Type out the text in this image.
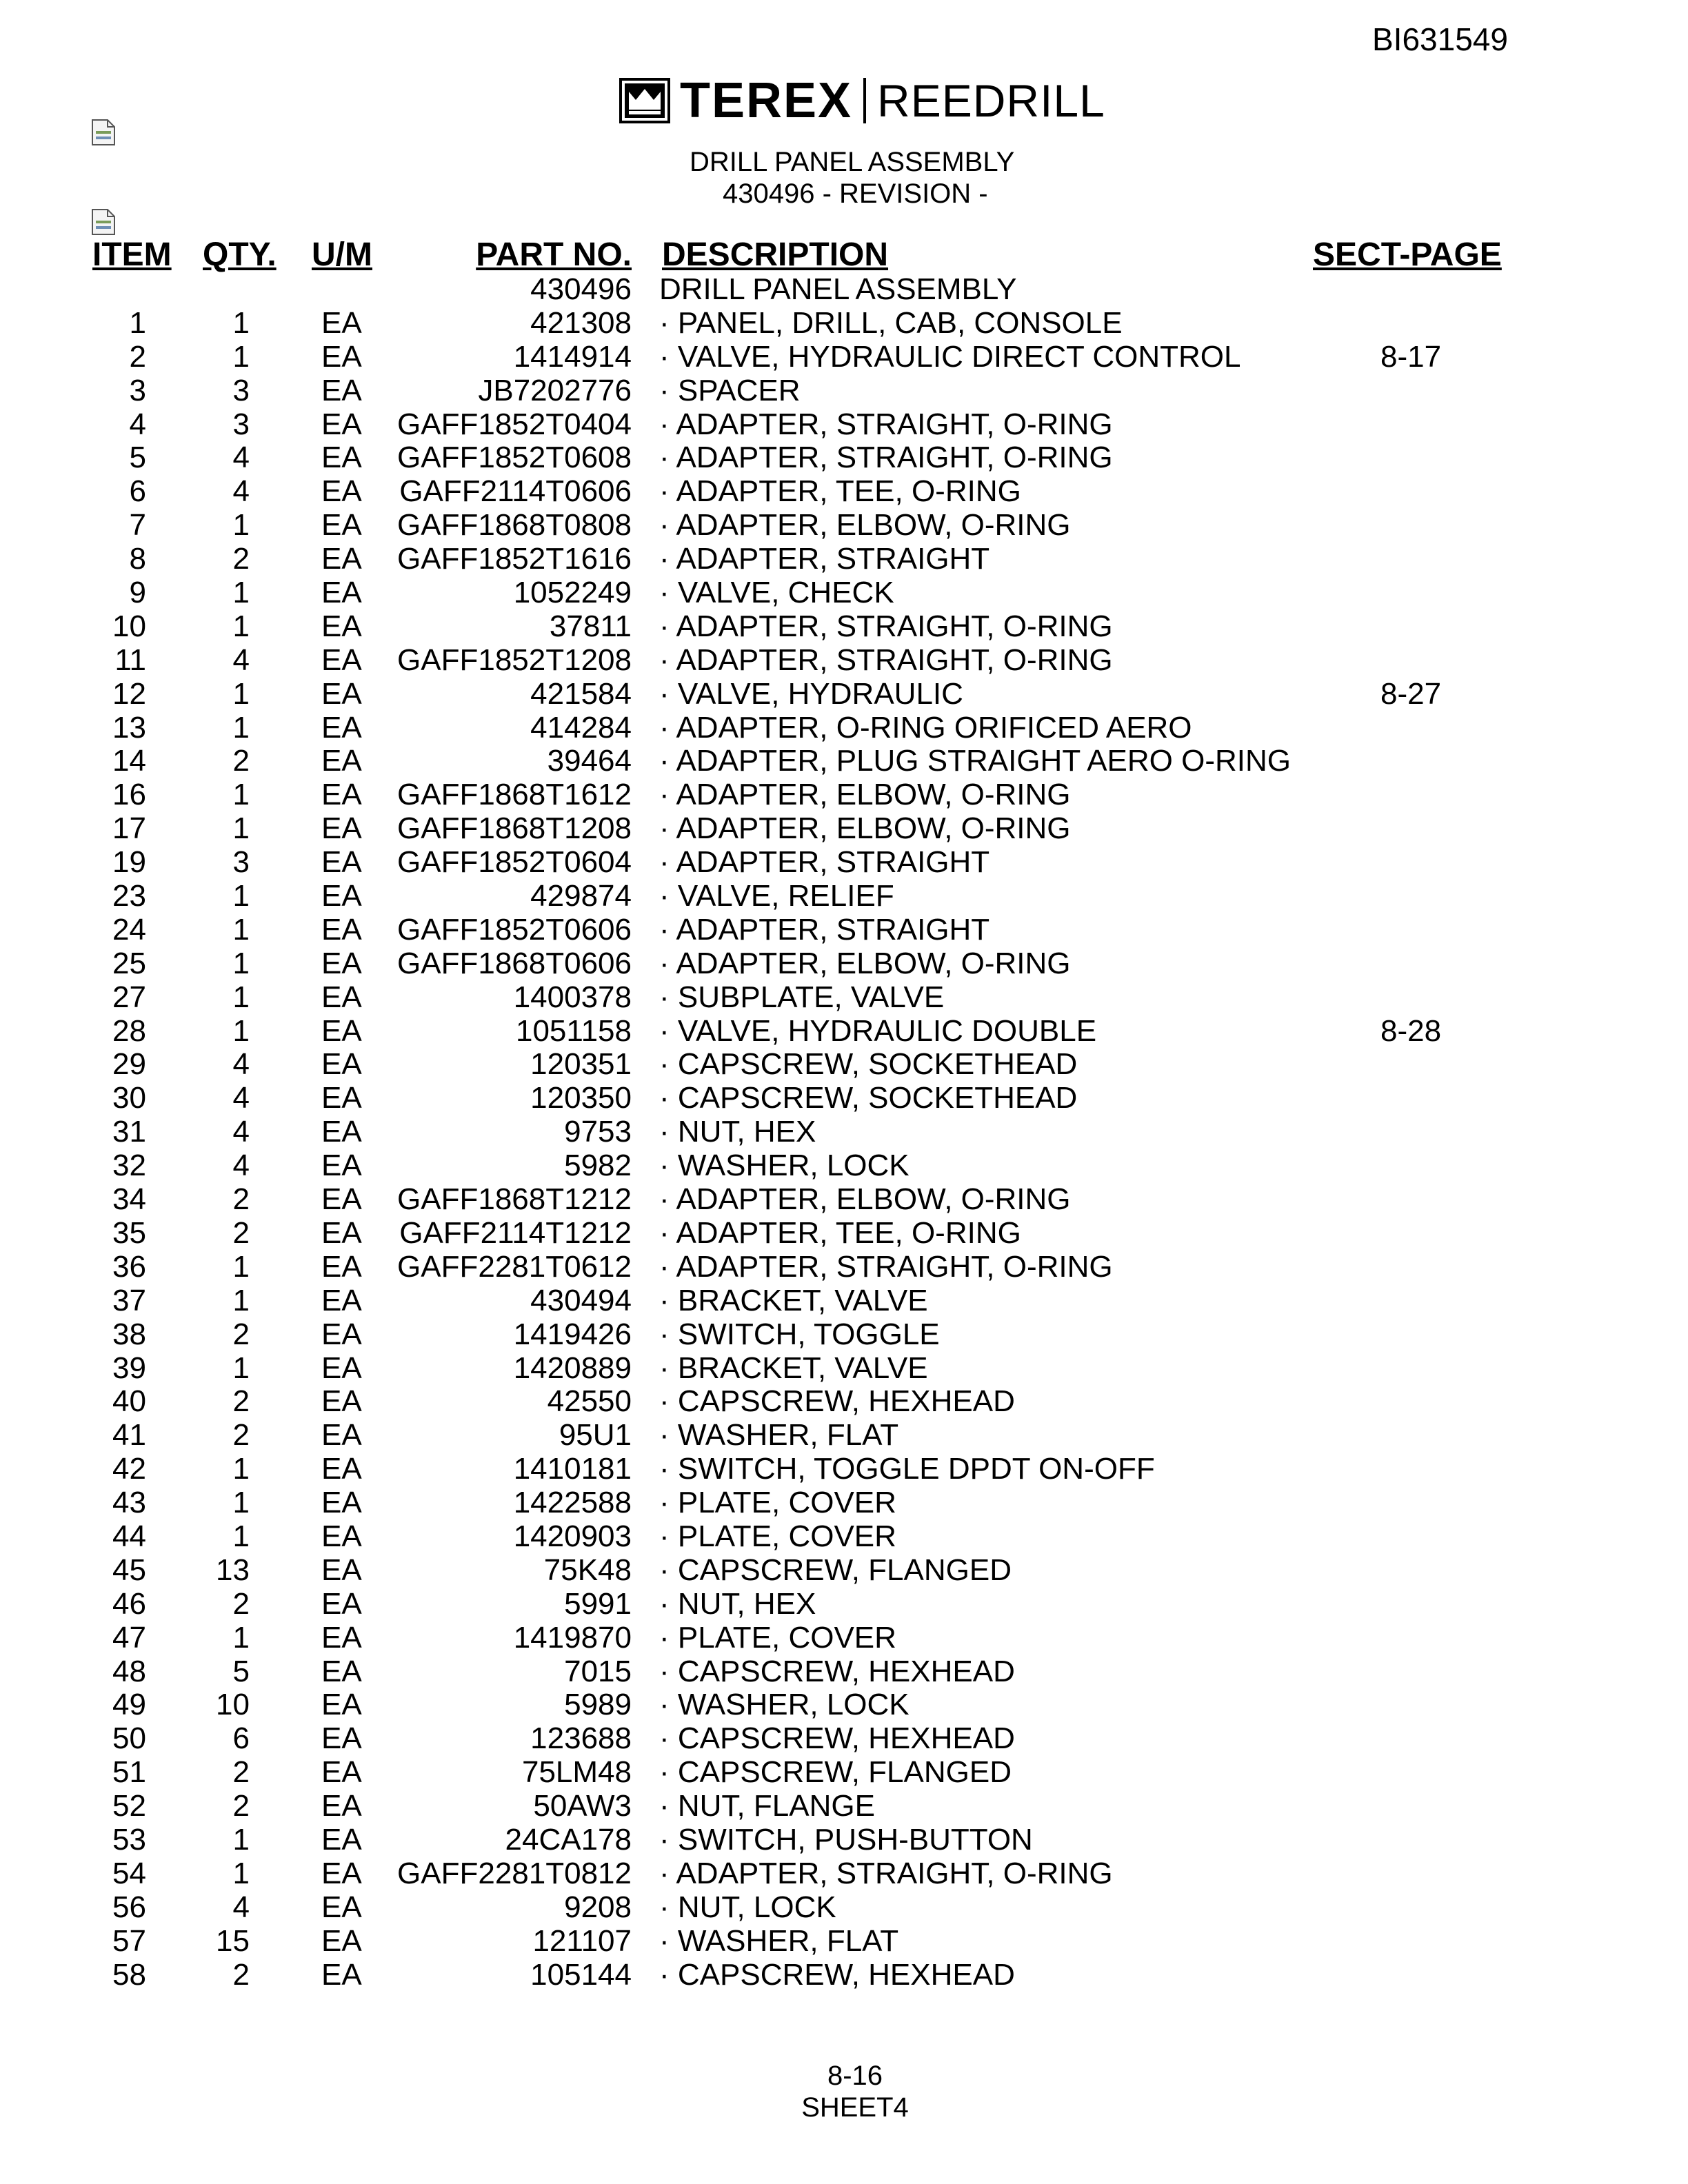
BI631549
TEREX REEDRILL
DRILL PANEL ASSEMBLY
430496 - REVISION -
ITEM QTY. U/M	PART NO. DESCRIPTION	SECT-PAGE
430496 DRILL PANEL ASSEMBLY
1	1 EA	421308 · PANEL, DRILL, CAB, CONSOLE
2	1 EA	1414914 · VALVE, HYDRAULIC DIRECT CONTROL	8-17
3	3 EA	JB7202776 · SPACER
4	3 EA GAFF1852T0404 · ADAPTER, STRAIGHT, O-RING
5	4 EA GAFF1852T0608 · ADAPTER, STRAIGHT, O-RING
6	4 EA GAFF2114T0606 · ADAPTER, TEE, O-RING
7	1 EA GAFF1868T0808 · ADAPTER, ELBOW, O-RING
8	2 EA GAFF1852T1616 · ADAPTER, STRAIGHT
9	1 EA	1052249 · VALVE, CHECK
10	1 EA	37811 · ADAPTER, STRAIGHT, O-RING
11	4 EA GAFF1852T1208 · ADAPTER, STRAIGHT, O-RING
12	1 EA	421584 · VALVE, HYDRAULIC	8-27
13	1 EA	414284 · ADAPTER, O-RING ORIFICED AERO
14	2 EA	39464 · ADAPTER, PLUG STRAIGHT AERO O-RING
16	1 EA GAFF1868T1612 · ADAPTER, ELBOW, O-RING
17	1 EA GAFF1868T1208 · ADAPTER, ELBOW, O-RING
19	3 EA GAFF1852T0604 · ADAPTER, STRAIGHT
23	1 EA	429874 · VALVE, RELIEF
24	1 EA GAFF1852T0606 · ADAPTER, STRAIGHT
25	1 EA GAFF1868T0606 · ADAPTER, ELBOW, O-RING
27	1 EA	1400378 · SUBPLATE, VALVE
28	1 EA	1051158 · VALVE, HYDRAULIC DOUBLE	8-28
29	4 EA	120351 · CAPSCREW, SOCKETHEAD
30	4 EA	120350 · CAPSCREW, SOCKETHEAD
31	4 EA	9753 · NUT, HEX
32	4 EA	5982 · WASHER, LOCK
34	2 EA GAFF1868T1212 · ADAPTER, ELBOW, O-RING
35	2 EA GAFF2114T1212 · ADAPTER, TEE, O-RING
36	1 EA GAFF2281T0612 · ADAPTER, STRAIGHT, O-RING
37	1 EA	430494 · BRACKET, VALVE
38	2 EA	1419426 · SWITCH, TOGGLE
39	1 EA	1420889 · BRACKET, VALVE
40	2 EA	42550 · CAPSCREW, HEXHEAD
41	2 EA	95U1 · WASHER, FLAT
42	1 EA	1410181 · SWITCH, TOGGLE DPDT ON-OFF
43	1 EA	1422588 · PLATE, COVER
44	1 EA	1420903 · PLATE, COVER
45 13 EA	75K48 · CAPSCREW, FLANGED
46	2 EA	5991 · NUT, HEX
47	1 EA	1419870 · PLATE, COVER
48	5 EA	7015 · CAPSCREW, HEXHEAD
49 10 EA	5989 · WASHER, LOCK
50	6 EA	123688 · CAPSCREW, HEXHEAD
51	2 EA	75LM48 · CAPSCREW, FLANGED
52	2 EA	50AW3 · NUT, FLANGE
53	1 EA	24CA178 · SWITCH, PUSH-BUTTON
54	1 EA GAFF2281T0812 · ADAPTER, STRAIGHT, O-RING
56	4 EA	9208 · NUT, LOCK
57 15 EA	121107 · WASHER, FLAT
58	2 EA	105144 · CAPSCREW, HEXHEAD
8-16
SHEET4
